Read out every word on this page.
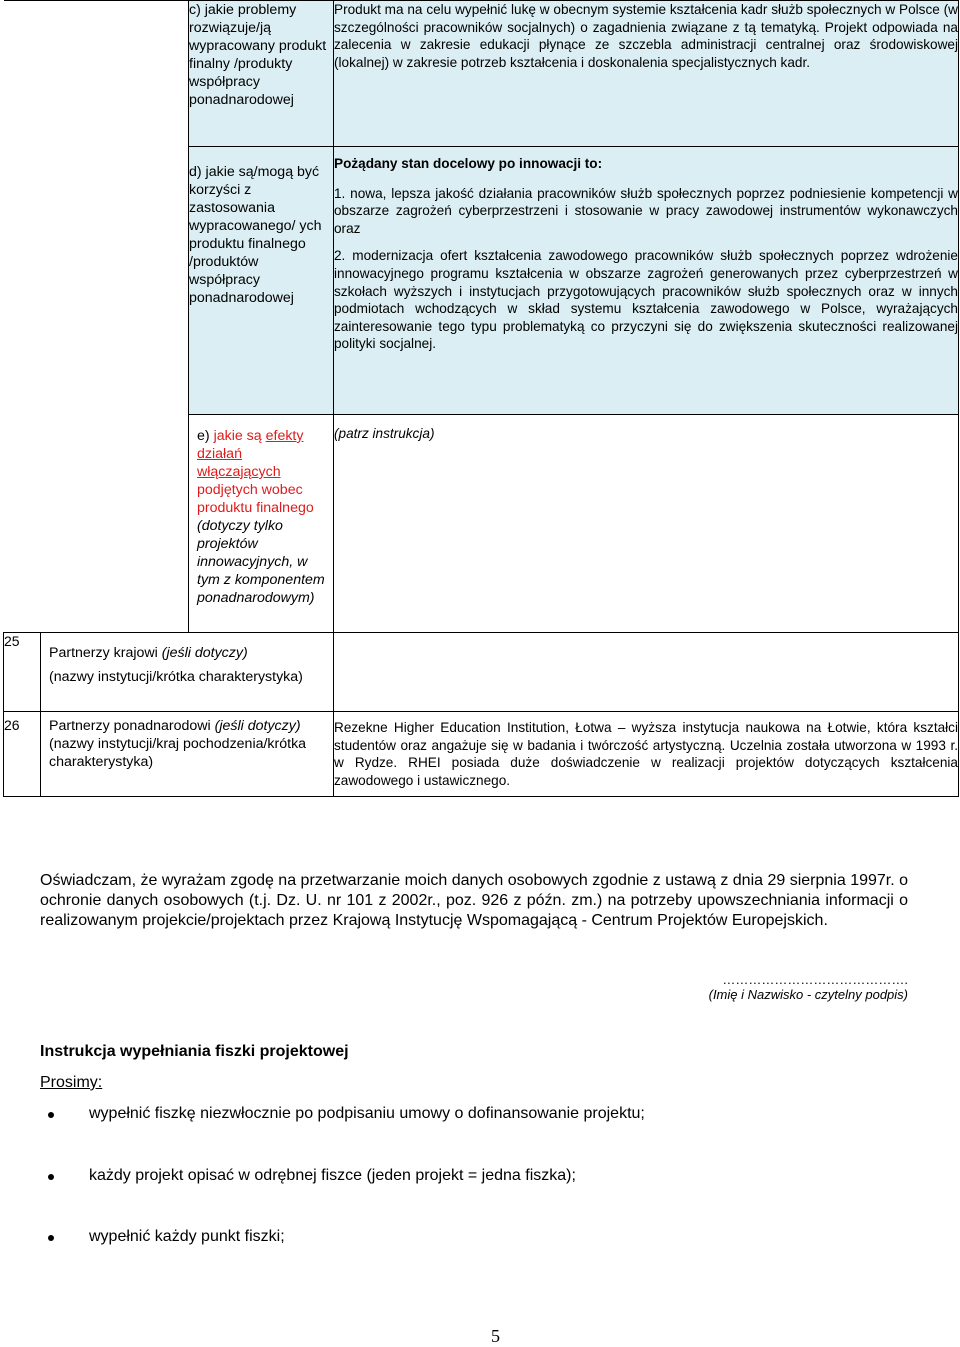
		c) jakie problemy rozwiązuje/ją wypracowany produkt finalny /produkty współpracy ponadnarodowej	Produkt ma na celu wypełnić lukę w obecnym systemie kształcenia kadr służb społecznych w Polsce (w szczególności pracowników socjalnych) o zagadnienia związane z tą tematyką. Projekt odpowiada na zalecenia w zakresie edukacji płynące ze szczebla administracji centralnej oraz środowiskowej (lokalnej) w zakresie potrzeb kształcenia i doskonalenia specjalistycznych kadr.

		d) jakie są/mogą być korzyści z zastosowania wypracowanego/ ych produktu finalnego /produktów współpracy ponadnarodowej	Pożądany stan docelowy po innowacji to:

1. nowa, lepsza jakość działania pracowników służb społecznych poprzez podniesienie kompetencji w obszarze zagrożeń cyberprzestrzeni i stosowanie w pracy zawodowej instrumentów wykonawczych oraz

2. modernizacja ofert kształcenia zawodowego pracowników służb społecznych poprzez wdrożenie innowacyjnego programu kształcenia w obszarze zagrożeń generowanych przez cyberprzestrzeń w szkołach wyższych i instytucjach przygotowujących pracowników służb społecznych oraz w innych podmiotach wchodzących w skład systemu kształcenia zawodowego w Polsce, wyrażających zainteresowanie tego typu problematyką co przyczyni się do zwiększenia skuteczności realizowanej polityki socjalnej.

		e) jakie są efekty
działań
włączających
podjętych wobec produktu finalnego (dotyczy tylko projektów innowacyjnych, w tym z komponentem ponadnarodowym)	(patrz instrukcja)
25	Partnerzy krajowi (jeśli dotyczy)

(nazwy instytucji/krótka charakterystyka)		

26	Partnerzy ponadnarodowi (jeśli dotyczy) (nazwy instytucji/kraj pochodzenia/krótka charakterystyka)		Rezekne Higher Education Institution, Łotwa – wyższa instytucja naukowa na Łotwie, która kształci studentów oraz angażuje się w badania i twórczość artystyczną. Uczelnia została utworzona w 1993 r. w Rydze. RHEI posiada duże doświadczenie w realizacji projektów dotyczących kształcenia zawodowego i ustawicznego.

Oświadczam, że wyrażam zgodę na przetwarzanie moich danych osobowych zgodnie z ustawą z dnia 29 sierpnia 1997r. o ochronie danych osobowych (t.j. Dz. U. nr 101 z 2002r., poz. 926 z późn. zm.) na potrzeby upowszechniania informacji o realizowanym projekcie/projektach przez Krajową Instytucję Wspomagającą - Centrum Projektów Europejskich.
…………………………………….
(Imię i Nazwisko - czytelny podpis)
Instrukcja wypełniania fiszki projektowej
Prosimy:
wypełnić fiszkę niezwłocznie po podpisaniu umowy o dofinansowanie projektu;
każdy projekt opisać w odrębnej fiszce (jeden projekt = jedna fiszka);
wypełnić każdy punkt fiszki;
5
